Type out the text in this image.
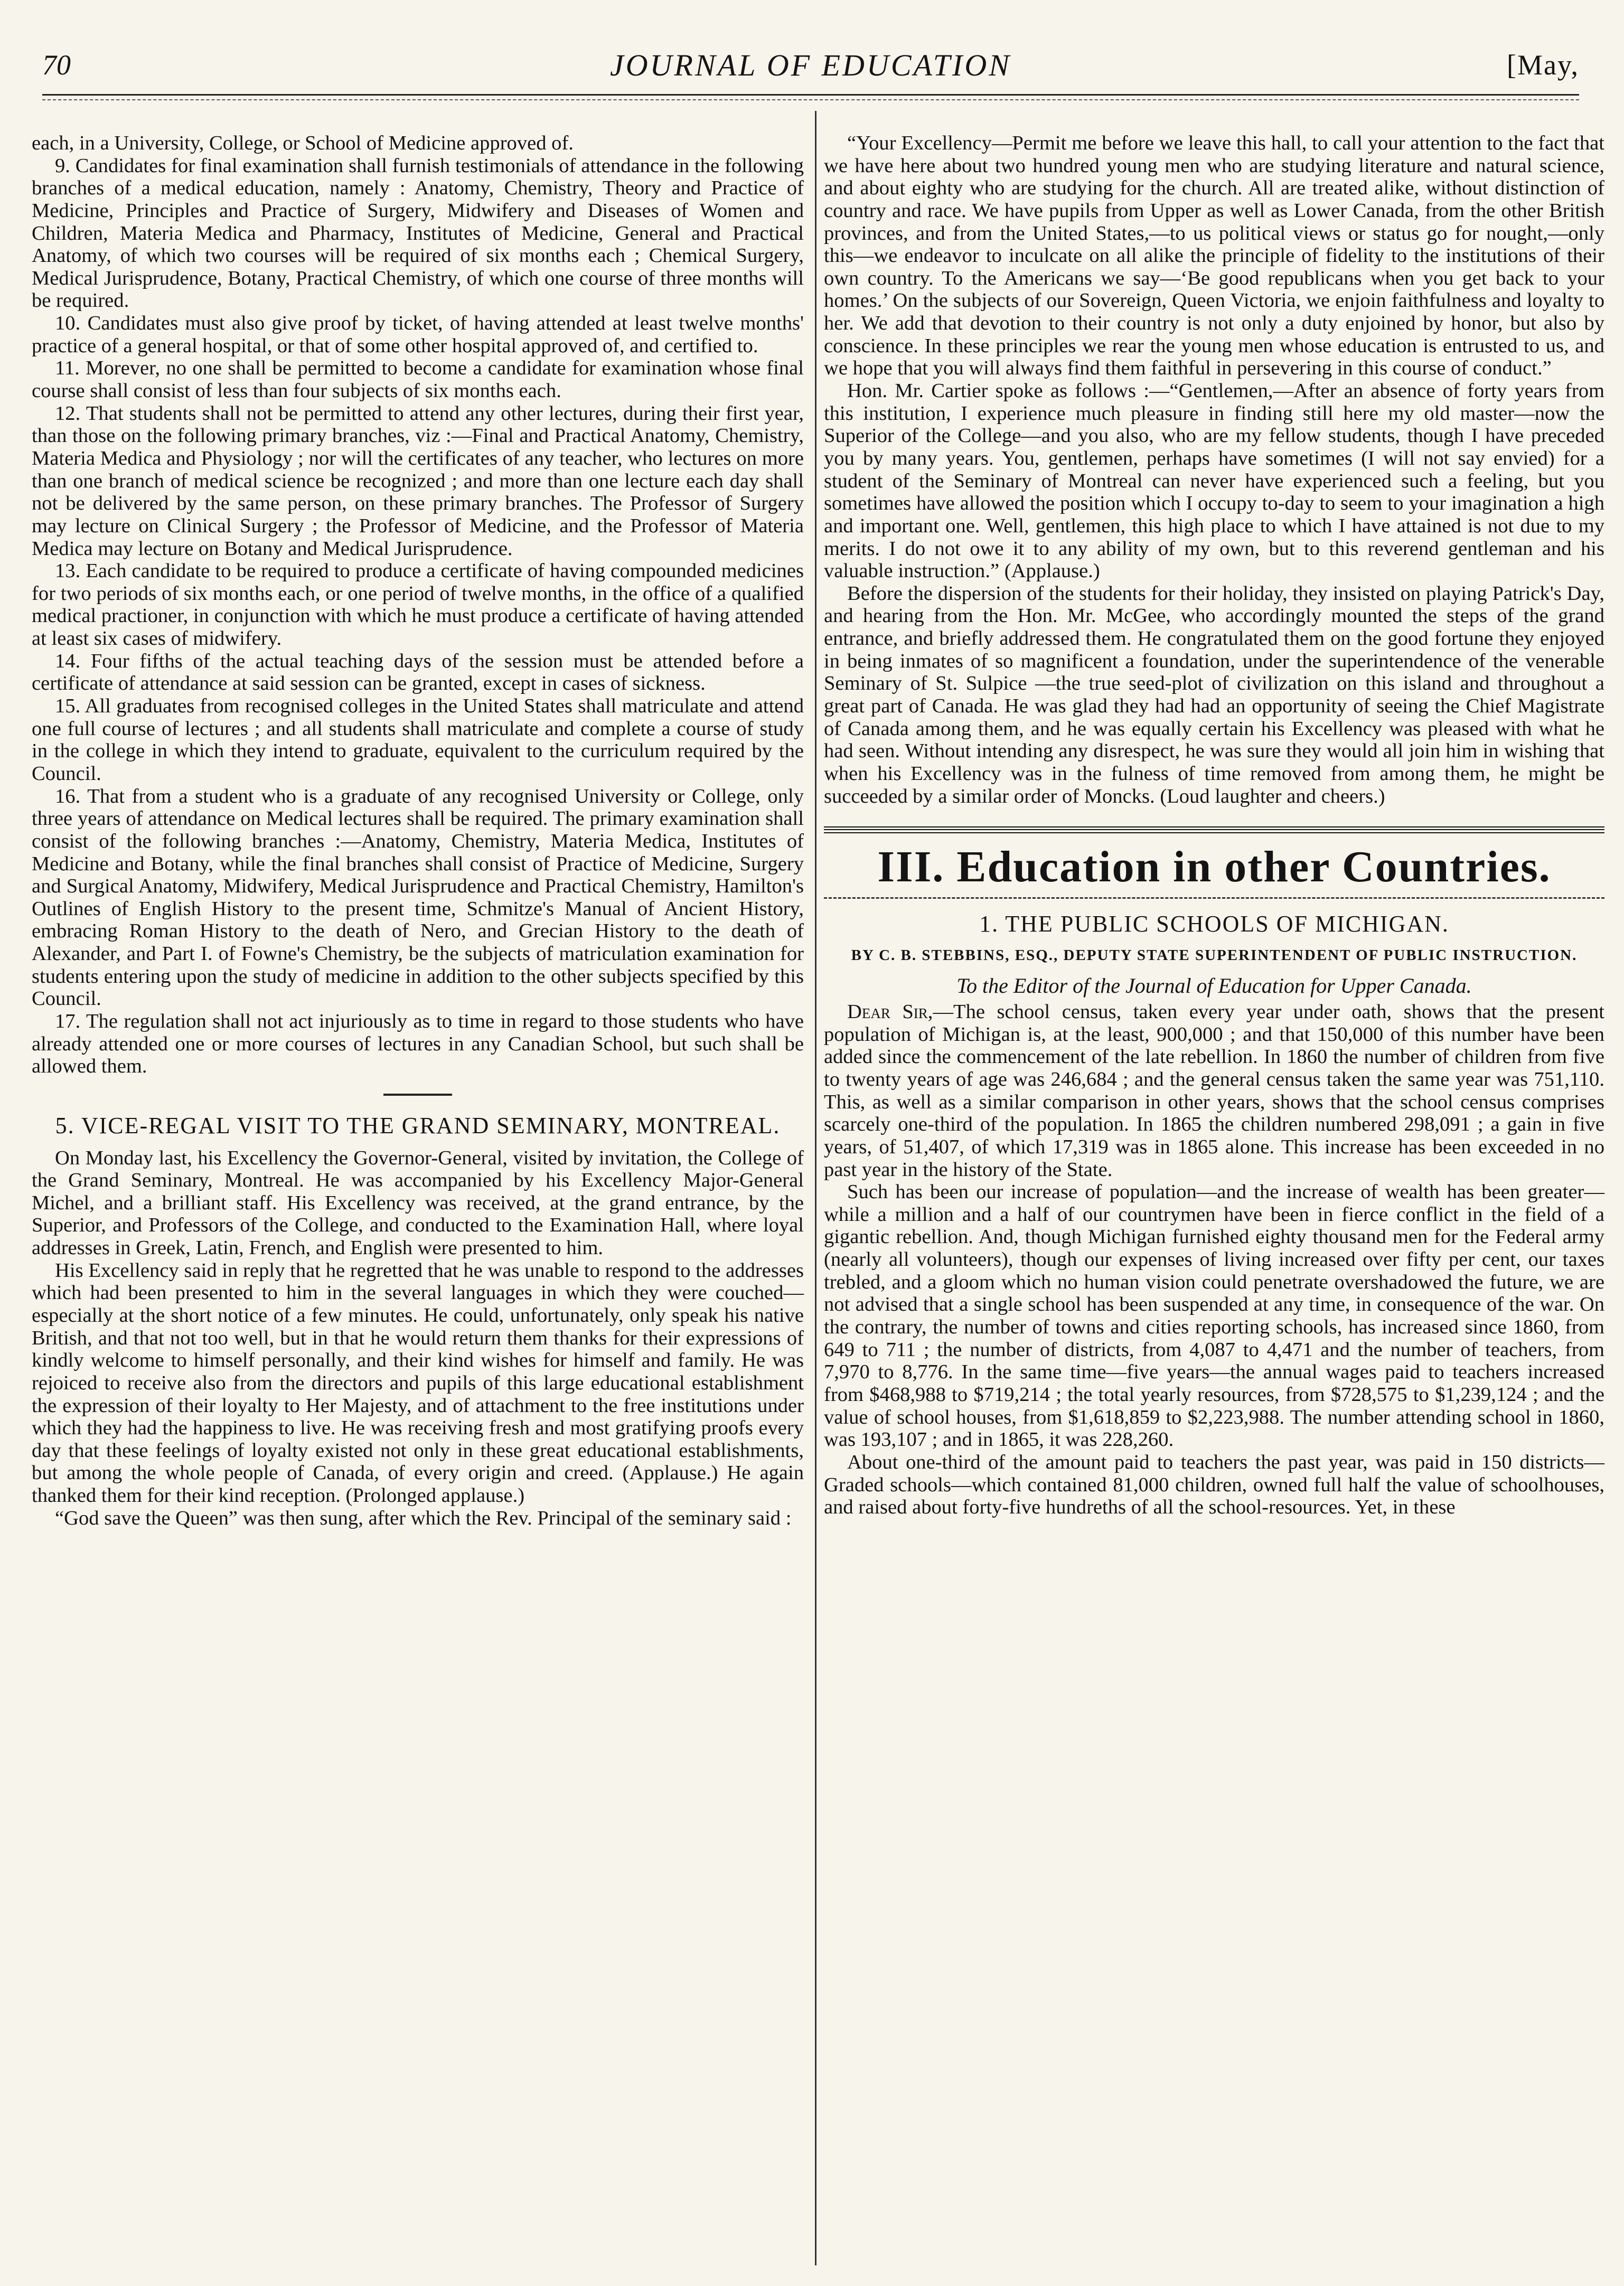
70	JOURNAL OF EDUCATION	[May,

each, in a University, College, or School of Medicine approved of.

9. Candidates for final examination shall furnish testimonials of attendance in the following branches of a medical education, namely : Anatomy, Chemistry, Theory and Practice of Medicine, Principles and Practice of Surgery, Midwifery and Diseases of Women and Children, Materia Medica and Pharmacy, Institutes of Medicine, General and Practical Anatomy, of which two courses will be required of six months each ; Chemical Surgery, Medical Jurisprudence, Botany, Practical Chemistry, of which one course of three months will be required.

10. Candidates must also give proof by ticket, of having attended at least twelve months' practice of a general hospital, or that of some other hospital approved of, and certified to.

11. Morever, no one shall be permitted to become a candidate for examination whose final course shall consist of less than four subjects of six months each.

12. That students shall not be permitted to attend any other lectures, during their first year, than those on the following primary branches, viz :—Final and Practical Anatomy, Chemistry, Materia Medica and Physiology ; nor will the certificates of any teacher, who lectures on more than one branch of medical science be recognized ; and more than one lecture each day shall not be delivered by the same person, on these primary branches. The Professor of Surgery may lecture on Clinical Surgery ; the Professor of Medicine, and the Professor of Materia Medica may lecture on Botany and Medical Jurisprudence.

13. Each candidate to be required to produce a certificate of having compounded medicines for two periods of six months each, or one period of twelve months, in the office of a qualified medical practioner, in conjunction with which he must produce a certificate of having attended at least six cases of midwifery.

14. Four fifths of the actual teaching days of the session must be attended before a certificate of attendance at said session can be granted, except in cases of sickness.

15. All graduates from recognised colleges in the United States shall matriculate and attend one full course of lectures ; and all students shall matriculate and complete a course of study in the college in which they intend to graduate, equivalent to the curriculum required by the Council.

16. That from a student who is a graduate of any recognised University or College, only three years of attendance on Medical lectures shall be required. The primary examination shall consist of the following branches :—Anatomy, Chemistry, Materia Medica, Institutes of Medicine and Botany, while the final branches shall consist of Practice of Medicine, Surgery and Surgical Anatomy, Midwifery, Medical Jurisprudence and Practical Chemistry, Hamilton's Outlines of English History to the present time, Schmitze's Manual of Ancient History, embracing Roman History to the death of Nero, and Grecian History to the death of Alexander, and Part I. of Fowne's Chemistry, be the subjects of matriculation examination for students entering upon the study of medicine in addition to the other subjects specified by this Council.

17. The regulation shall not act injuriously as to time in regard to those students who have already attended one or more courses of lectures in any Canadian School, but such shall be allowed them.

5. VICE-REGAL VISIT TO THE GRAND SEMINARY, MONTREAL.

On Monday last, his Excellency the Governor-General, visited by invitation, the College of the Grand Seminary, Montreal. He was accompanied by his Excellency Major-General Michel, and a brilliant staff. His Excellency was received, at the grand entrance, by the Superior, and Professors of the College, and conducted to the Examination Hall, where loyal addresses in Greek, Latin, French, and English were presented to him.

His Excellency said in reply that he regretted that he was unable to respond to the addresses which had been presented to him in the several languages in which they were couched—especially at the short notice of a few minutes. He could, unfortunately, only speak his native British, and that not too well, but in that he would return them thanks for their expressions of kindly welcome to himself personally, and their kind wishes for himself and family. He was rejoiced to receive also from the directors and pupils of this large educational establishment the expression of their loyalty to Her Majesty, and of attachment to the free institutions under which they had the happiness to live. He was receiving fresh and most gratifying proofs every day that these feelings of loyalty existed not only in these great educational establishments, but among the whole people of Canada, of every origin and creed. (Applause.) He again thanked them for their kind reception. (Prolonged applause.)

“God save the Queen” was then sung, after which the Rev. Principal of the seminary said :

“Your Excellency—Permit me before we leave this hall, to call your attention to the fact that we have here about two hundred young men who are studying literature and natural science, and about eighty who are studying for the church. All are treated alike, without distinction of country and race. We have pupils from Upper as well as Lower Canada, from the other British provinces, and from the United States,—to us political views or status go for nought,—only this—we endeavor to inculcate on all alike the principle of fidelity to the institutions of their own country. To the Americans we say—‘Be good republicans when you get back to your homes.’ On the subjects of our Sovereign, Queen Victoria, we enjoin faithfulness and loyalty to her. We add that devotion to their country is not only a duty enjoined by honor, but also by conscience. In these principles we rear the young men whose education is entrusted to us, and we hope that you will always find them faithful in persevering in this course of conduct.”

Hon. Mr. Cartier spoke as follows :—“Gentlemen,—After an absence of forty years from this institution, I experience much pleasure in finding still here my old master—now the Superior of the College—and you also, who are my fellow students, though I have preceded you by many years. You, gentlemen, perhaps have sometimes (I will not say envied) for a student of the Seminary of Montreal can never have experienced such a feeling, but you sometimes have allowed the position which I occupy to-day to seem to your imagination a high and important one. Well, gentlemen, this high place to which I have attained is not due to my merits. I do not owe it to any ability of my own, but to this reverend gentleman and his valuable instruction.” (Applause.)

Before the dispersion of the students for their holiday, they insisted on playing Patrick's Day, and hearing from the Hon. Mr. McGee, who accordingly mounted the steps of the grand entrance, and briefly addressed them. He congratulated them on the good fortune they enjoyed in being inmates of so magnificent a foundation, under the superintendence of the venerable Seminary of St. Sulpice —the true seed-plot of civilization on this island and throughout a great part of Canada. He was glad they had had an opportunity of seeing the Chief Magistrate of Canada among them, and he was equally certain his Excellency was pleased with what he had seen. Without intending any disrespect, he was sure they would all join him in wishing that when his Excellency was in the fulness of time removed from among them, he might be succeeded by a similar order of Moncks. (Loud laughter and cheers.)

III. Education in other Countries.
1. THE PUBLIC SCHOOLS OF MICHIGAN.
BY C. B. STEBBINS, ESQ., DEPUTY STATE SUPERINTENDENT OF PUBLIC INSTRUCTION.
To the Editor of the Journal of Education for Upper Canada.

Dear Sir,—The school census, taken every year under oath, shows that the present population of Michigan is, at the least, 900,000 ; and that 150,000 of this number have been added since the commencement of the late rebellion. In 1860 the number of children from five to twenty years of age was 246,684 ; and the general census taken the same year was 751,110. This, as well as a similar comparison in other years, shows that the school census comprises scarcely one-third of the population. In 1865 the children numbered 298,091 ; a gain in five years, of 51,407, of which 17,319 was in 1865 alone. This increase has been exceeded in no past year in the history of the State.

Such has been our increase of population—and the increase of wealth has been greater—while a million and a half of our countrymen have been in fierce conflict in the field of a gigantic rebellion. And, though Michigan furnished eighty thousand men for the Federal army (nearly all volunteers), though our expenses of living increased over fifty per cent, our taxes trebled, and a gloom which no human vision could penetrate overshadowed the future, we are not advised that a single school has been suspended at any time, in consequence of the war. On the contrary, the number of towns and cities reporting schools, has increased since 1860, from 649 to 711 ; the number of districts, from 4,087 to 4,471 and the number of teachers, from 7,970 to 8,776. In the same time—five years—the annual wages paid to teachers increased from $468,988 to $719,214 ; the total yearly resources, from $728,575 to $1,239,124 ; and the value of school houses, from $1,618,859 to $2,223,988. The number attending school in 1860, was 193,107 ; and in 1865, it was 228,260.

About one-third of the amount paid to teachers the past year, was paid in 150 districts—Graded schools—which contained 81,000 children, owned full half the value of schoolhouses, and raised about forty-five hundreths of all the school-resources. Yet, in these
